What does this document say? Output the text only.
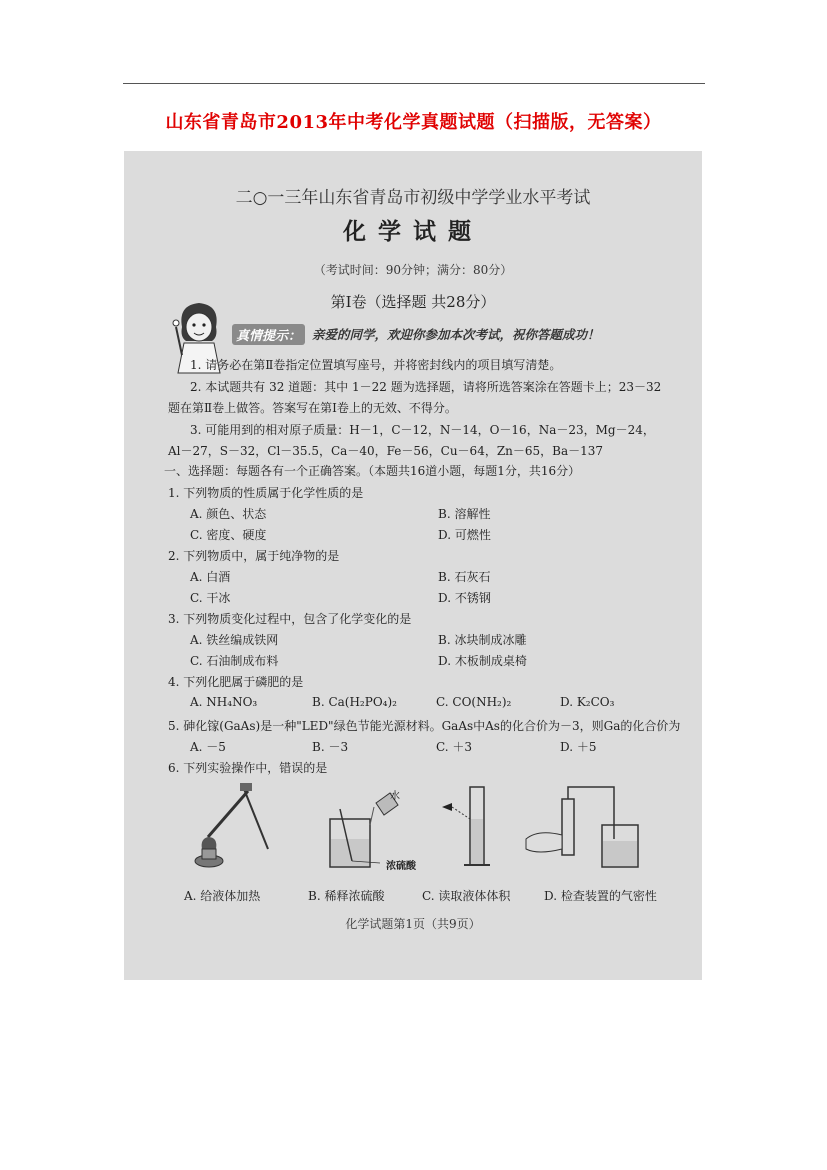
山东省青岛市2013年中考化学真题试题（扫描版，无答案）
二○一三年山东省青岛市初级中学学业水平考试
化学试题
（考试时间：90分钟；满分：80分）
第Ⅰ卷（选择题 共28分）
真情提示： 亲爱的同学，欢迎你参加本次考试，祝你答题成功！
1. 请务必在第Ⅱ卷指定位置填写座号，并将密封线内的项目填写清楚。
2. 本试题共有 32 道题：其中 1－22 题为选择题，请将所选答案涂在答题卡上；23－32
题在第Ⅱ卷上做答。答案写在第Ⅰ卷上的无效、不得分。
3. 可能用到的相对原子质量：H－1，C－12，N－14，O－16，Na－23，Mg－24，
Al－27，S－32，Cl－35.5，Ca－40，Fe－56，Cu－64，Zn－65，Ba－137
一、选择题：每题各有一个正确答案。（本题共16道小题，每题1分，共16分）
1. 下列物质的性质属于化学性质的是
A. 颜色、状态	B. 溶解性
C. 密度、硬度	D. 可燃性
2. 下列物质中，属于纯净物的是
A. 白酒	B. 石灰石
C. 干冰	D. 不锈钢
3. 下列物质变化过程中，包含了化学变化的是
A. 铁丝编成铁网	B. 冰块制成冰雕
C. 石油制成布料	D. 木板制成桌椅
4. 下列化肥属于磷肥的是
A. NH₄NO₃	B. Ca(H₂PO₄)₂	C. CO(NH₂)₂	D. K₂CO₃
5. 砷化镓(GaAs)是一种"LED"绿色节能光源材料。GaAs中As的化合价为－3，则Ga的化合价为
A. －5	B. －3	C. ＋3	D. ＋5
6. 下列实验操作中，错误的是
水
浓硫酸
A. 给液体加热	B. 稀释浓硫酸	C. 读取液体体积	D. 检查装置的气密性
化学试题第1页（共9页）
